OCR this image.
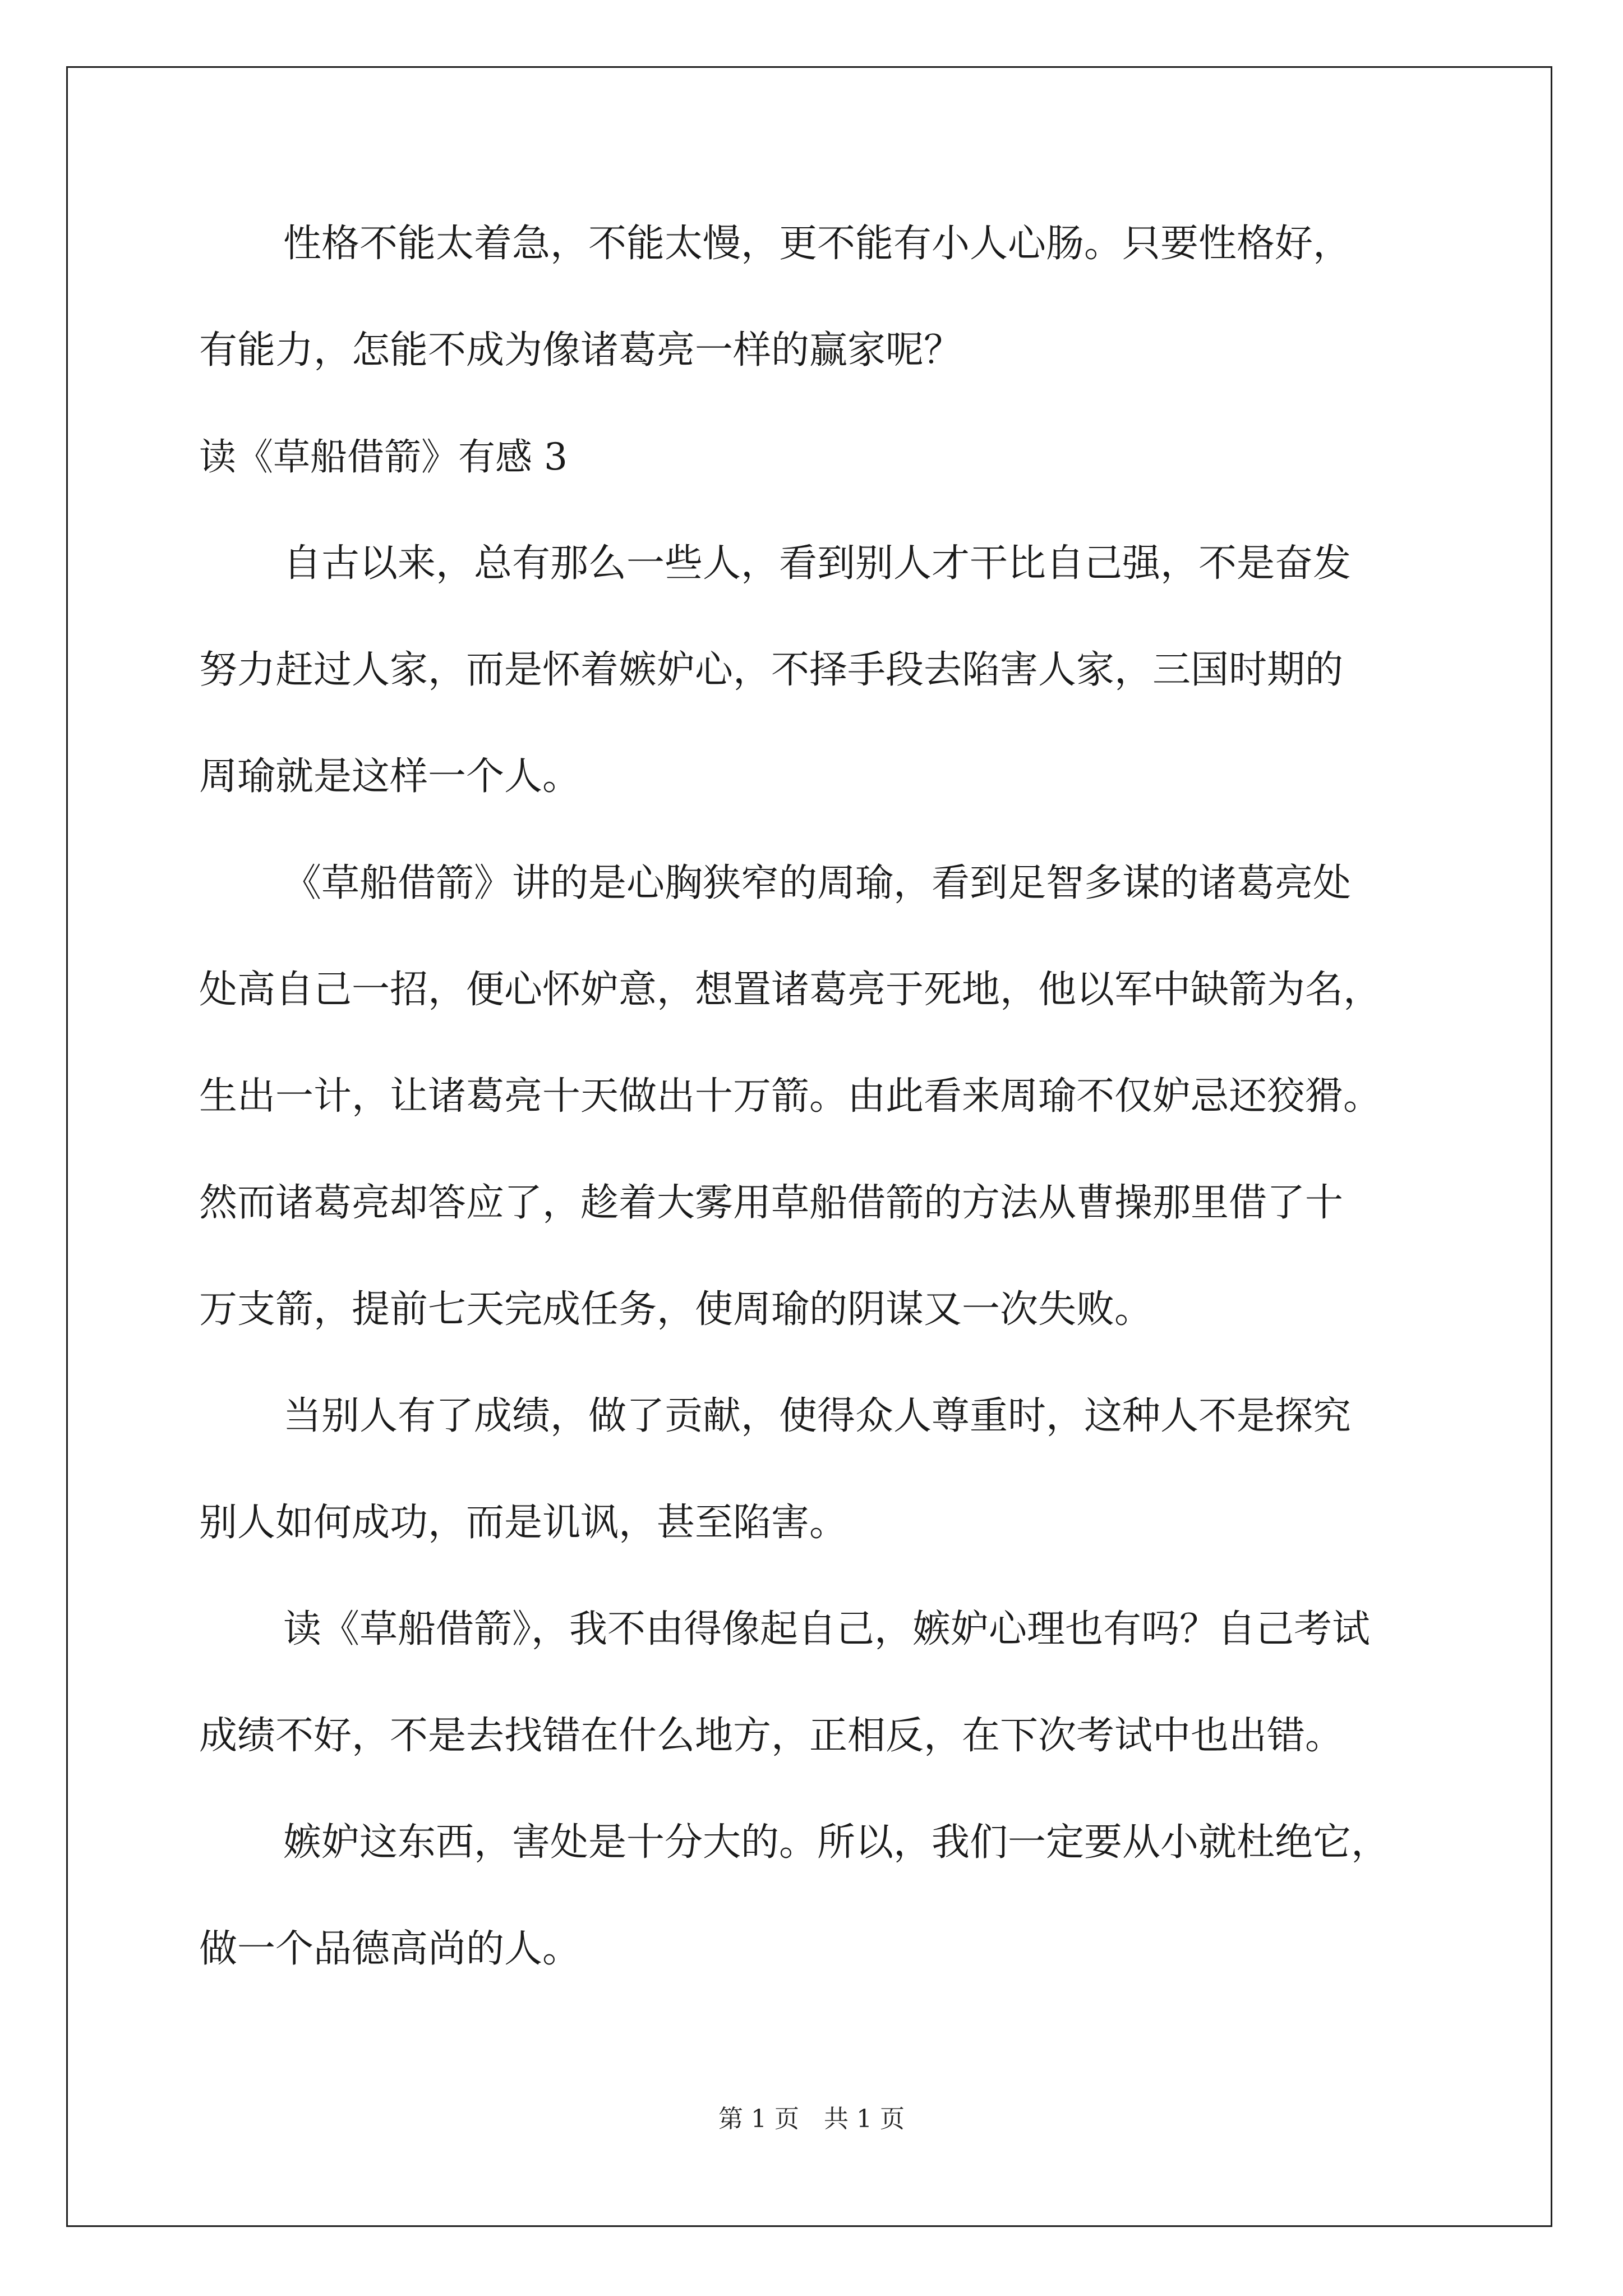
性格不能太着急，不能太慢，更不能有小人心肠。只要性格好，
有能力，怎能不成为像诸葛亮一样的赢家呢？
读《草船借箭》有感 3
自古以来，总有那么一些人，看到别人才干比自己强，不是奋发
努力赶过人家，而是怀着嫉妒心，不择手段去陷害人家，三国时期的
周瑜就是这样一个人。
《草船借箭》讲的是心胸狭窄的周瑜，看到足智多谋的诸葛亮处
处高自己一招，便心怀妒意，想置诸葛亮于死地，他以军中缺箭为名，
生出一计，让诸葛亮十天做出十万箭。由此看来周瑜不仅妒忌还狡猾。
然而诸葛亮却答应了，趁着大雾用草船借箭的方法从曹操那里借了十
万支箭，提前七天完成任务，使周瑜的阴谋又一次失败。
当别人有了成绩，做了贡献，使得众人尊重时，这种人不是探究
别人如何成功，而是讥讽，甚至陷害。
读《草船借箭》，我不由得像起自己，嫉妒心理也有吗？自己考试
成绩不好，不是去找错在什么地方，正相反，在下次考试中也出错。
嫉妒这东西，害处是十分大的。所以，我们一定要从小就杜绝它，
做一个品德高尚的人。
第 1 页　共 1 页
